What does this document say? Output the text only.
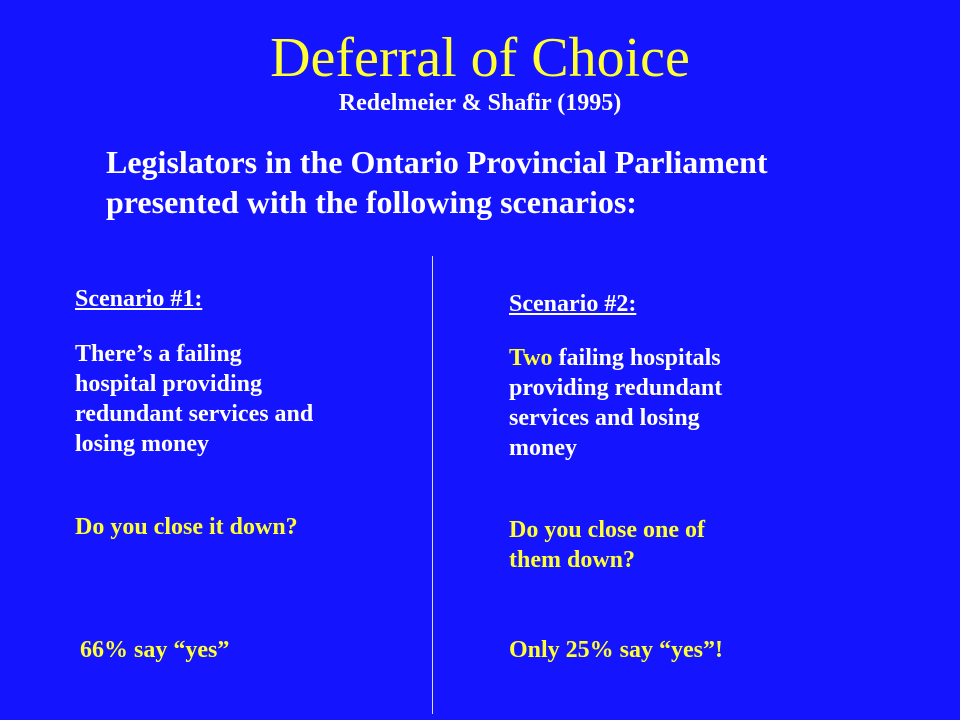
Deferral of Choice
Redelmeier & Shafir (1995)
Legislators in the Ontario Provincial Parliament
presented with the following scenarios:
Scenario #1:
There’s a failing
hospital providing
redundant services and
losing money
Do you close it down?
66% say “yes”
Scenario #2:
Two failing hospitals
providing redundant
services and losing
money
Do you close one of
them down?
Only 25% say “yes”!
